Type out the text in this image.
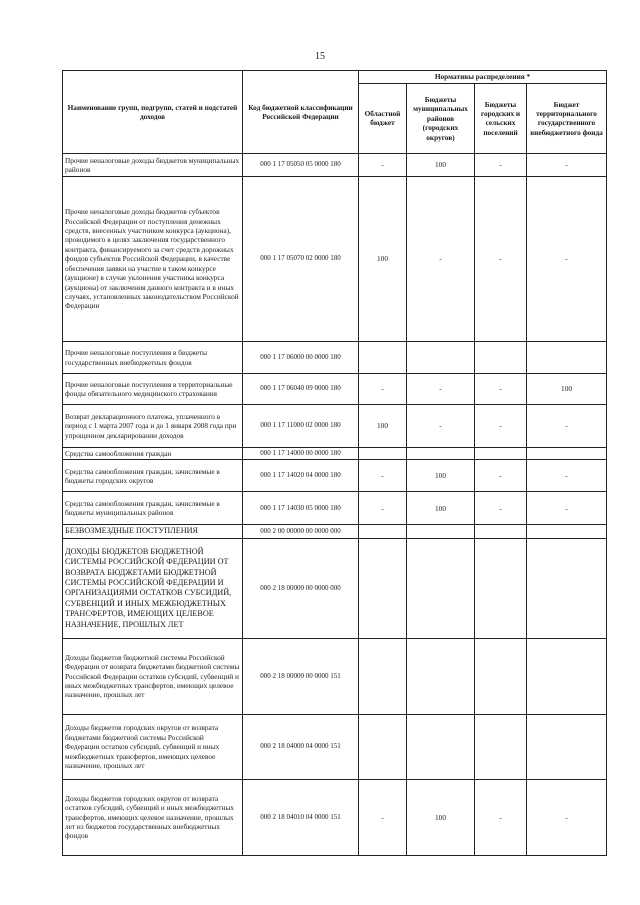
15
Наименование групп, подгрупп, статей и подстатей доходов	Код бюджетной классификации Российской Федерации	Нормативы распределения *			
		Областной бюджет	Бюджеты муниципальных районов (городских округов)	Бюджеты городских и сельских поселений	Бюджет территориального государственного внебюджетного фонда
Прочие неналоговые доходы бюджетов муниципальных районов	000 1 17 05050 05 0000 180	-	100	-	-
Прочие неналоговые доходы бюджетов субъектов Российской Федерации от поступления денежных средств, внесенных участником конкурса (аукциона), проводимого в целях заключения государственного контракта, финансируемого за счет средств дорожных фондов субъектов Российской Федерации, в качестве обеспечения заявки на участие в таком конкурсе (аукционе) в случае уклонения участника конкурса (аукциона) от заключения данного контракта и в иных случаях, установленных законодательством Российской Федерации	000 1 17 05070 02 0000 180	100	-	-	-
Прочие неналоговые поступления в бюджеты государственных внебюджетных фондов	000 1 17 06000 00 0000 180				
Прочие неналоговые поступления в территориальные фонды обязательного медицинского страхования	000 1 17 06040 09 0000 180	-	-	-	100
Возврат декларационного платежа, уплаченного в период с 1 марта 2007 года и до 1 января 2008 года при упрощенном декларировании доходов	000 1 17 11000 02 0000 180	100	-	-	-
Средства самообложения граждан	000 1 17 14000 00 0000 180				
Средства самообложения граждан, зачисляемые в бюджеты городских округов	000 1 17 14020 04 0000 180	-	100	-	-
Средства самообложения граждан, зачисляемые в бюджеты муниципальных районов	000 1 17 14030 05 0000 180	-	100	-	-
БЕЗВОЗМЕЗДНЫЕ ПОСТУПЛЕНИЯ	000 2 00 00000 00 0000 000				
ДОХОДЫ БЮДЖЕТОВ БЮДЖЕТНОЙ СИСТЕМЫ РОССИЙСКОЙ ФЕДЕРАЦИИ ОТ ВОЗВРАТА БЮДЖЕТАМИ БЮДЖЕТНОЙ СИСТЕМЫ РОССИЙСКОЙ ФЕДЕРАЦИИ И ОРГАНИЗАЦИЯМИ ОСТАТКОВ СУБСИДИЙ, СУБВЕНЦИЙ И ИНЫХ МЕЖБЮДЖЕТНЫХ ТРАНСФЕРТОВ, ИМЕЮЩИХ ЦЕЛЕВОЕ НАЗНАЧЕНИЕ, ПРОШЛЫХ ЛЕТ	000 2 18 00000 00 0000 000				
Доходы бюджетов бюджетной системы Российской Федерации от возврата бюджетами бюджетной системы Российской Федерации остатков субсидий, субвенций и иных межбюджетных трансфертов, имеющих целевое назначение, прошлых лет	000 2 18 00000 00 0000 151				
Доходы бюджетов городских округов от возврата бюджетами бюджетной системы Российской Федерации остатков субсидий, субвенций и иных межбюджетных трансфертов, имеющих целевое назначение, прошлых лет	000 2 18 04000 04 0000 151				
Доходы бюджетов городских округов от возврата остатков субсидий, субвенций и иных межбюджетных трансфертов, имеющих целевое назначение, прошлых лет из бюджетов государственных внебюджетных фондов	000 2 18 04010 04 0000 151	-	100	-	-
